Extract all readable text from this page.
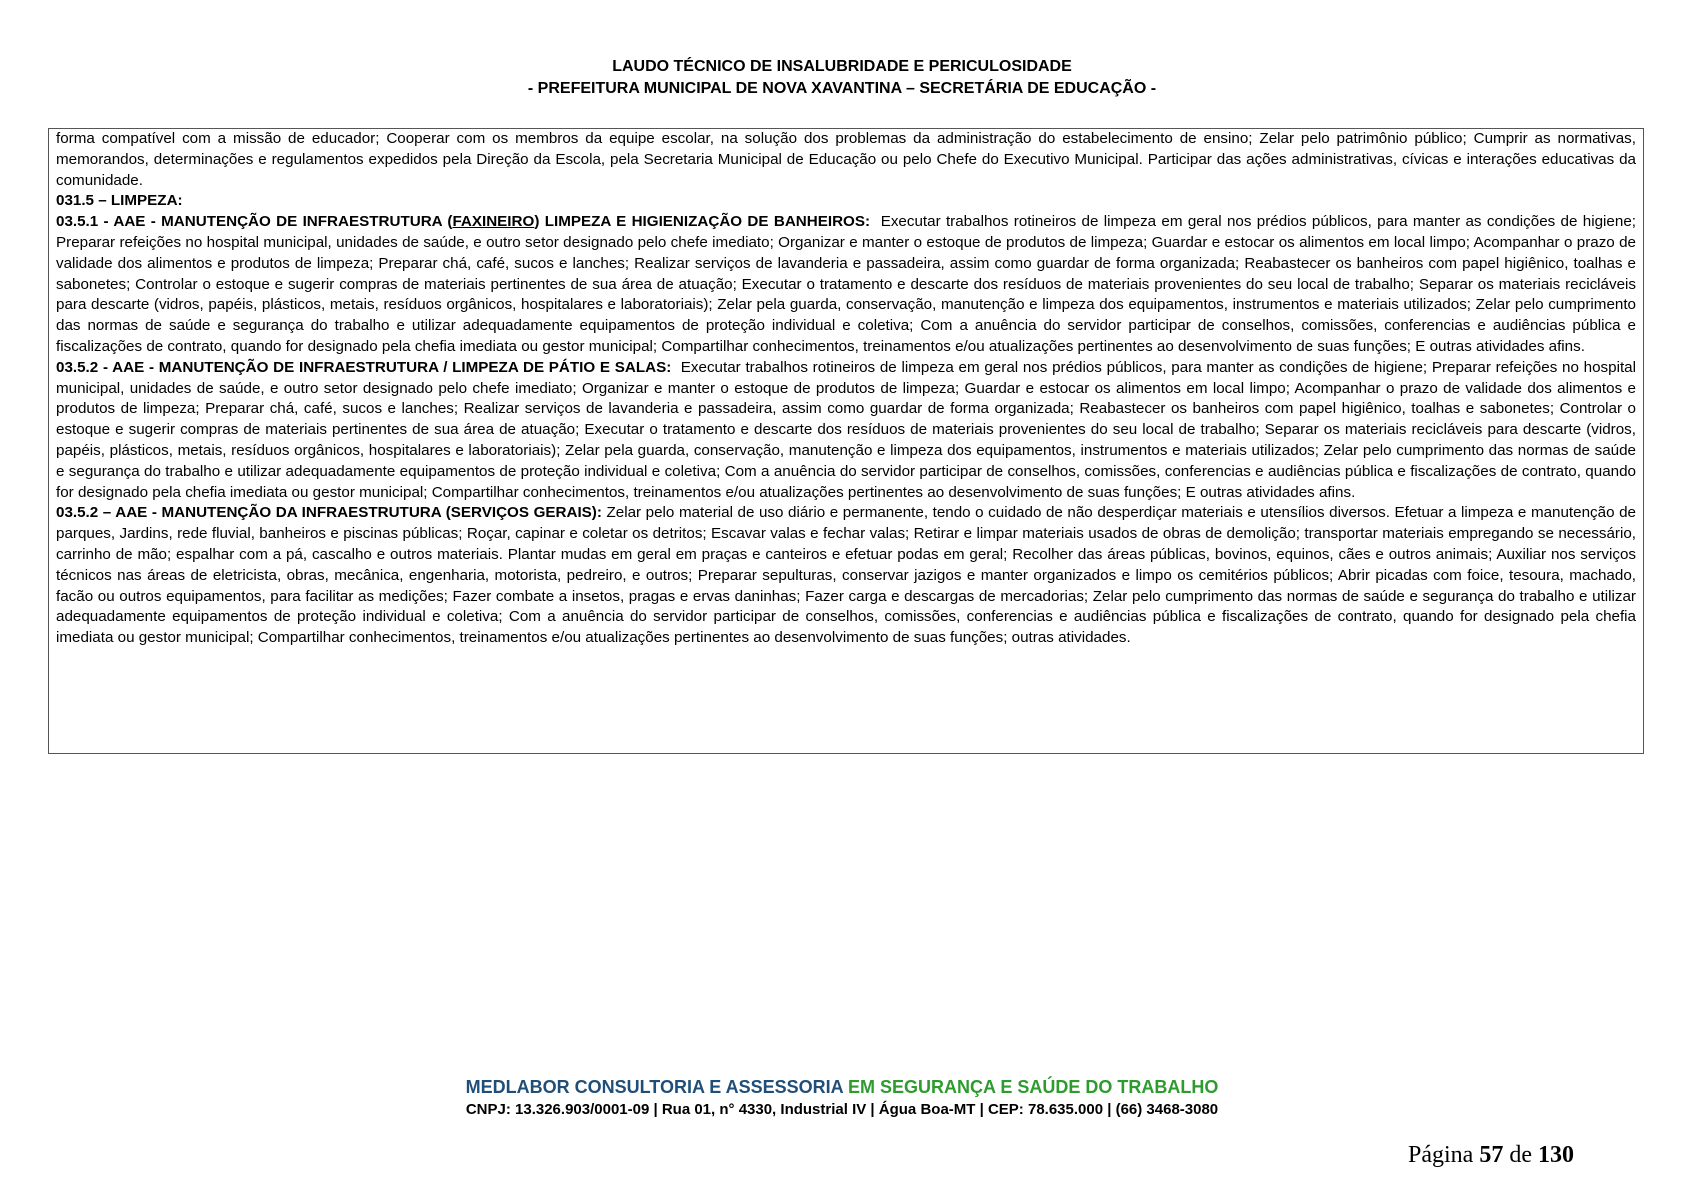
LAUDO TÉCNICO DE INSALUBRIDADE E PERICULOSIDADE
- PREFEITURA MUNICIPAL DE NOVA XAVANTINA – SECRETÁRIA DE EDUCAÇÃO -

forma compatível com a missão de educador; Cooperar com os membros da equipe escolar, na solução dos problemas da administração do estabelecimento de ensino; Zelar pelo patrimônio público; Cumprir as normativas, memorandos, determinações e regulamentos expedidos pela Direção da Escola, pela Secretaria Municipal de Educação ou pelo Chefe do Executivo Municipal. Participar das ações administrativas, cívicas e interações educativas da comunidade.

031.5 – LIMPEZA:

03.5.1 - AAE - MANUTENÇÃO DE INFRAESTRUTURA (FAXINEIRO) LIMPEZA E HIGIENIZAÇÃO DE BANHEIROS: Executar trabalhos rotineiros de limpeza em geral nos prédios públicos, para manter as condições de higiene; Preparar refeições no hospital municipal, unidades de saúde, e outro setor designado pelo chefe imediato; Organizar e manter o estoque de produtos de limpeza; Guardar e estocar os alimentos em local limpo; Acompanhar o prazo de validade dos alimentos e produtos de limpeza; Preparar chá, café, sucos e lanches; Realizar serviços de lavanderia e passadeira, assim como guardar de forma organizada; Reabastecer os banheiros com papel higiênico, toalhas e sabonetes; Controlar o estoque e sugerir compras de materiais pertinentes de sua área de atuação; Executar o tratamento e descarte dos resíduos de materiais provenientes do seu local de trabalho; Separar os materiais recicláveis para descarte (vidros, papéis, plásticos, metais, resíduos orgânicos, hospitalares e laboratoriais); Zelar pela guarda, conservação, manutenção e limpeza dos equipamentos, instrumentos e materiais utilizados; Zelar pelo cumprimento das normas de saúde e segurança do trabalho e utilizar adequadamente equipamentos de proteção individual e coletiva; Com a anuência do servidor participar de conselhos, comissões, conferencias e audiências pública e fiscalizações de contrato, quando for designado pela chefia imediata ou gestor municipal; Compartilhar conhecimentos, treinamentos e/ou atualizações pertinentes ao desenvolvimento de suas funções; E outras atividades afins.

03.5.2 - AAE - MANUTENÇÃO DE INFRAESTRUTURA / LIMPEZA DE PÁTIO E SALAS: Executar trabalhos rotineiros de limpeza em geral nos prédios públicos, para manter as condições de higiene; Preparar refeições no hospital municipal, unidades de saúde, e outro setor designado pelo chefe imediato; Organizar e manter o estoque de produtos de limpeza; Guardar e estocar os alimentos em local limpo; Acompanhar o prazo de validade dos alimentos e produtos de limpeza; Preparar chá, café, sucos e lanches; Realizar serviços de lavanderia e passadeira, assim como guardar de forma organizada; Reabastecer os banheiros com papel higiênico, toalhas e sabonetes; Controlar o estoque e sugerir compras de materiais pertinentes de sua área de atuação; Executar o tratamento e descarte dos resíduos de materiais provenientes do seu local de trabalho; Separar os materiais recicláveis para descarte (vidros, papéis, plásticos, metais, resíduos orgânicos, hospitalares e laboratoriais); Zelar pela guarda, conservação, manutenção e limpeza dos equipamentos, instrumentos e materiais utilizados; Zelar pelo cumprimento das normas de saúde e segurança do trabalho e utilizar adequadamente equipamentos de proteção individual e coletiva; Com a anuência do servidor participar de conselhos, comissões, conferencias e audiências pública e fiscalizações de contrato, quando for designado pela chefia imediata ou gestor municipal; Compartilhar conhecimentos, treinamentos e/ou atualizações pertinentes ao desenvolvimento de suas funções; E outras atividades afins.

03.5.2 – AAE - MANUTENÇÃO DA INFRAESTRUTURA (SERVIÇOS GERAIS): Zelar pelo material de uso diário e permanente, tendo o cuidado de não desperdiçar materiais e utensílios diversos. Efetuar a limpeza e manutenção de parques, Jardins, rede fluvial, banheiros e piscinas públicas; Roçar, capinar e coletar os detritos; Escavar valas e fechar valas; Retirar e limpar materiais usados de obras de demolição; transportar materiais empregando se necessário, carrinho de mão; espalhar com a pá, cascalho e outros materiais. Plantar mudas em geral em praças e canteiros e efetuar podas em geral; Recolher das áreas públicas, bovinos, equinos, cães e outros animais; Auxiliar nos serviços técnicos nas áreas de eletricista, obras, mecânica, engenharia, motorista, pedreiro, e outros; Preparar sepulturas, conservar jazigos e manter organizados e limpo os cemitérios públicos; Abrir picadas com foice, tesoura, machado, facão ou outros equipamentos, para facilitar as medições; Fazer combate a insetos, pragas e ervas daninhas; Fazer carga e descargas de mercadorias; Zelar pelo cumprimento das normas de saúde e segurança do trabalho e utilizar adequadamente equipamentos de proteção individual e coletiva; Com a anuência do servidor participar de conselhos, comissões, conferencias e audiências pública e fiscalizações de contrato, quando for designado pela chefia imediata ou gestor municipal; Compartilhar conhecimentos, treinamentos e/ou atualizações pertinentes ao desenvolvimento de suas funções; outras atividades.

MEDLABOR CONSULTORIA E ASSESSORIA EM SEGURANÇA E SAÚDE DO TRABALHO
CNPJ: 13.326.903/0001-09 | Rua 01, n° 4330, Industrial IV | Água Boa-MT | CEP: 78.635.000 | (66) 3468-3080
Página 57 de 130
